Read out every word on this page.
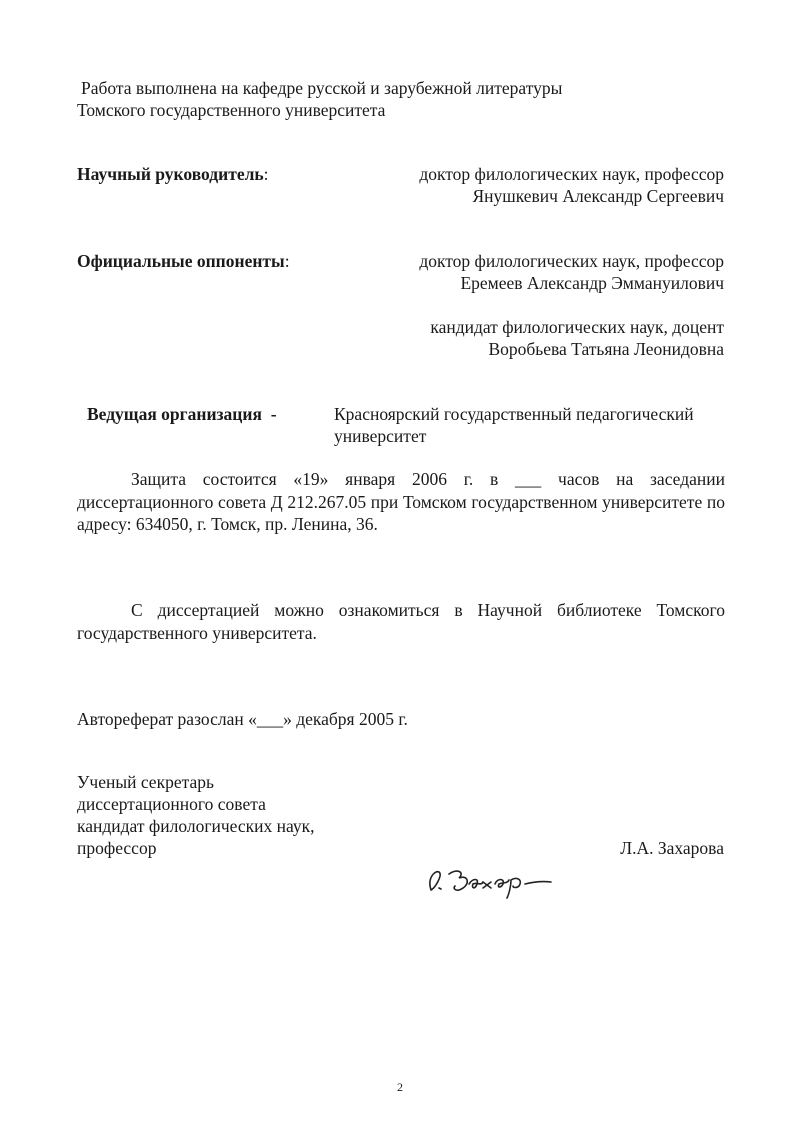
Работа выполнена на кафедре русской и зарубежной литературы
Томского государственного университета
Научный руководитель:	доктор филологических наук, профессор
Янушкевич Александр Сергеевич
Официальные оппоненты:	доктор филологических наук, профессор
Еремеев Александр Эммануилович
кандидат филологических наук, доцент
Воробьева Татьяна Леонидовна
Ведущая организация  -	Красноярский государственный педагогический
университет
Защита состоится «19» января 2006 г. в ___ часов на заседании диссертационного совета Д 212.267.05 при Томском государственном университете по адресу: 634050, г. Томск, пр. Ленина, 36.
С диссертацией можно ознакомиться в Научной библиотеке Томского государственного университета.
Автореферат разослан «___» декабря 2005 г.
Ученый секретарь
диссертационного совета
кандидат филологических наук,
профессор	Л.А. Захарова
2
